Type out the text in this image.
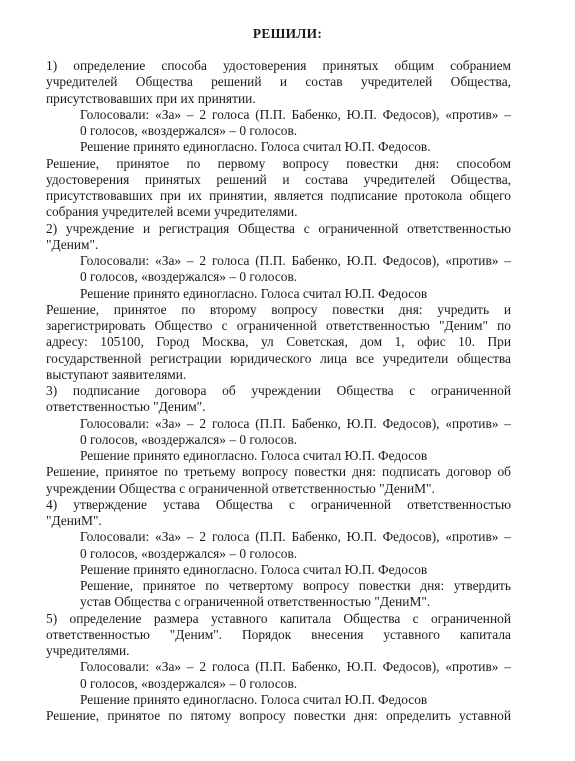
РЕШИЛИ:
1) определение способа удостоверения принятых общим собранием
учредителей Общества решений и состав учредителей Общества,
присутствовавших при их принятии.
Голосовали: «За» – 2 голоса (П.П. Бабенко, Ю.П. Федосов), «против» –
0 голосов, «воздержался» – 0 голосов.
Решение принято единогласно. Голоса считал Ю.П. Федосов.
Решение, принятое по первому вопросу повестки дня: способом
удостоверения принятых решений и состава учредителей Общества,
присутствовавших при их принятии, является подписание протокола общего
собрания учредителей всеми учредителями.
2) учреждение и регистрация Общества с ограниченной ответственностью
"Деним".
Голосовали: «За» – 2 голоса (П.П. Бабенко, Ю.П. Федосов), «против» –
0 голосов, «воздержался» – 0 голосов.
Решение принято единогласно. Голоса считал Ю.П. Федосов
Решение, принятое по второму вопросу повестки дня: учредить и
зарегистрировать Общество с ограниченной ответственностью "Деним" по
адресу: 105100, Город Москва, ул Советская, дом 1, офис 10. При
государственной регистрации юридического лица все учредители общества
выступают заявителями.
3) подписание договора об учреждении Общества с ограниченной
ответственностью "Деним".
Голосовали: «За» – 2 голоса (П.П. Бабенко, Ю.П. Федосов), «против» –
0 голосов, «воздержался» – 0 голосов.
Решение принято единогласно. Голоса считал Ю.П. Федосов
Решение, принятое по третьему вопросу повестки дня: подписать договор об
учреждении Общества с ограниченной ответственностью "ДениМ".
4) утверждение устава Общества с ограниченной ответственностью
"ДениМ".
Голосовали: «За» – 2 голоса (П.П. Бабенко, Ю.П. Федосов), «против» –
0 голосов, «воздержался» – 0 голосов.
Решение принято единогласно. Голоса считал Ю.П. Федосов
Решение, принятое по четвертому вопросу повестки дня: утвердить
устав Общества с ограниченной ответственностью "ДениМ".
5) определение размера уставного капитала Общества с ограниченной
ответственностью "Деним". Порядок внесения уставного капитала
учредителями.
Голосовали: «За» – 2 голоса (П.П. Бабенко, Ю.П. Федосов), «против» –
0 голосов, «воздержался» – 0 голосов.
Решение принято единогласно. Голоса считал Ю.П. Федосов
Решение, принятое по пятому вопросу повестки дня: определить уставной
